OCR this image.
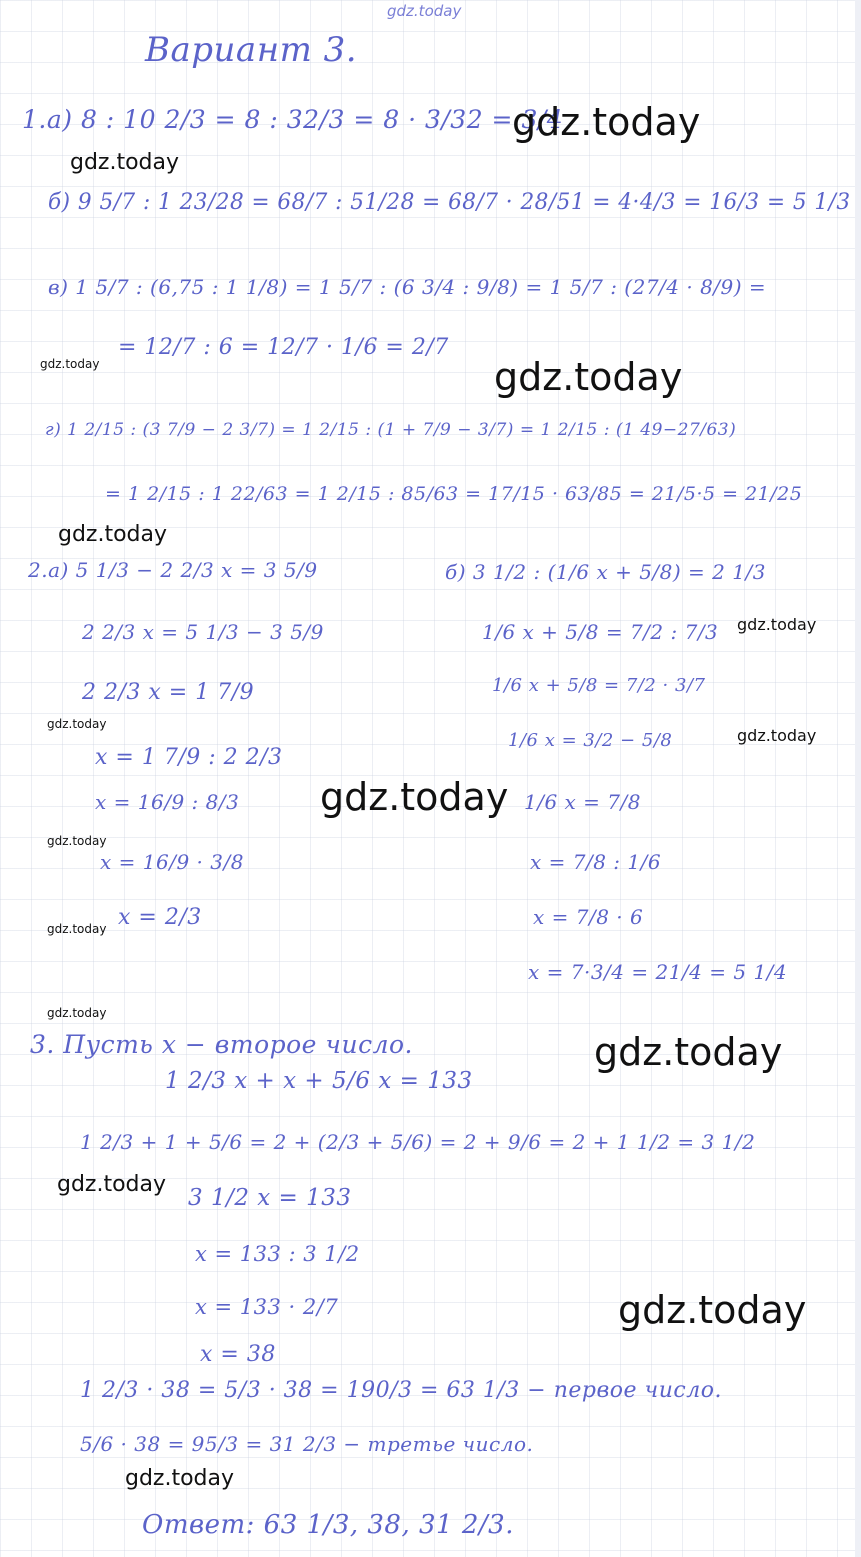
gdz.today
Вариант 3.
1.а) 8 : 10 2/3 = 8 : 32/3 = 8 · 3/32 = 3/4
б) 9 5/7 : 1 23/28 = 68/7 : 51/28 = 68/7 · 28/51 = 4·4/3 = 16/3 = 5 1/3
в) 1 5/7 : (6,75 : 1 1/8) = 1 5/7 : (6 3/4 : 9/8) = 1 5/7 : (27/4 · 8/9) =
= 12/7 : 6 = 12/7 · 1/6 = 2/7
г) 1 2/15 : (3 7/9 − 2 3/7) = 1 2/15 : (1 + 7/9 − 3/7) = 1 2/15 : (1 49−27/63)
= 1 2/15 : 1 22/63 = 1 2/15 : 85/63 = 17/15 · 63/85 = 21/5·5 = 21/25
2.а) 5 1/3 − 2 2/3 x = 3 5/9
2 2/3 x = 5 1/3 − 3 5/9
2 2/3 x = 1 7/9
x = 1 7/9 : 2 2/3
x = 16/9 : 8/3
x = 16/9 · 3/8
x = 2/3
б) 3 1/2 : (1/6 x + 5/8) = 2 1/3
1/6 x + 5/8 = 7/2 : 7/3
1/6 x + 5/8 = 7/2 · 3/7
1/6 x = 3/2 − 5/8
1/6 x = 7/8
x = 7/8 : 1/6
x = 7/8 · 6
x = 7·3/4 = 21/4 = 5 1/4
3. Пусть x − второе число.
1 2/3 x + x + 5/6 x = 133
1 2/3 + 1 + 5/6 = 2 + (2/3 + 5/6) = 2 + 9/6 = 2 + 1 1/2 = 3 1/2
3 1/2 x = 133
x = 133 : 3 1/2
x = 133 · 2/7
x = 38
1 2/3 · 38 = 5/3 · 38 = 190/3 = 63 1/3 − первое число.
5/6 · 38 = 95/3 = 31 2/3 − третье число.
Ответ: 63 1/3, 38, 31 2/3.
gdz.today
gdz.today
gdz.today	gdz.today
gdz.today
gdz.today
gdz.today
gdz.today
gdz.today
gdz.today
gdz.today
gdz.today
gdz.today
gdz.today
gdz.today
gdz.today
